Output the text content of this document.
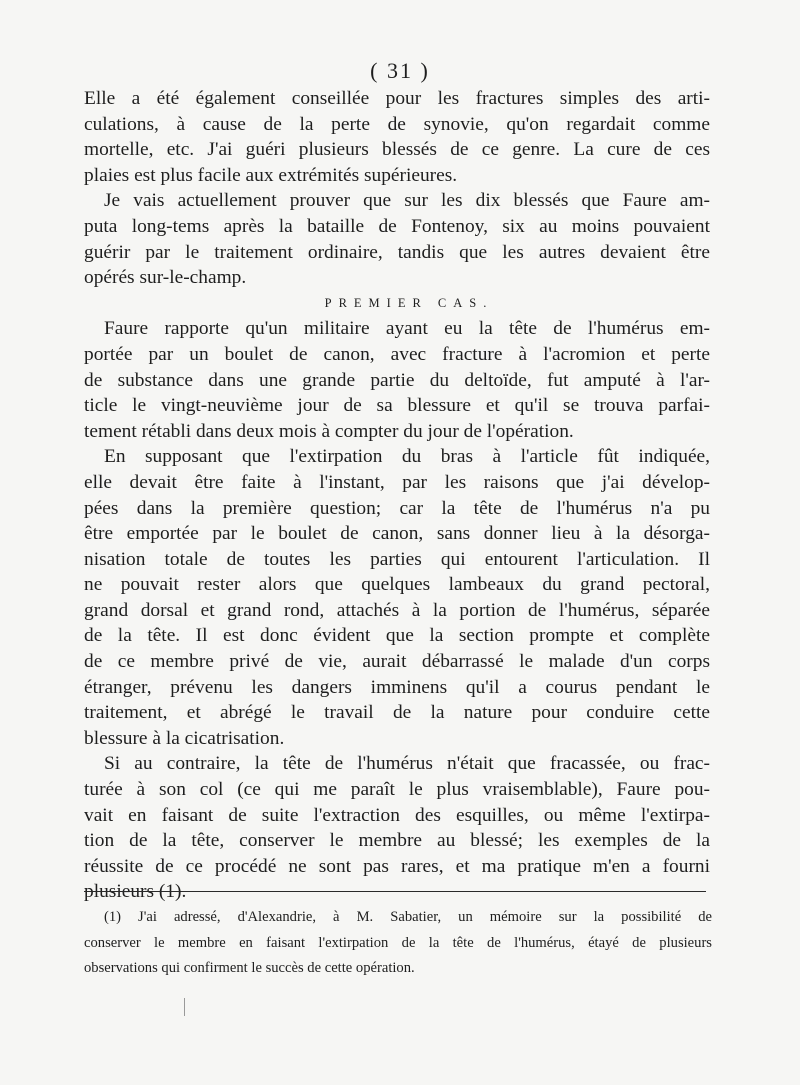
( 31 )
Elle a été également conseillée pour les fractures simples des arti-
culations, à cause de la perte de synovie, qu'on regardait comme
mortelle, etc. J'ai guéri plusieurs blessés de ce genre. La cure de ces
plaies est plus facile aux extrémités supérieures.
Je vais actuellement prouver que sur les dix blessés que Faure am-
puta long-tems après la bataille de Fontenoy, six au moins pouvaient
guérir par le traitement ordinaire, tandis que les autres devaient être
opérés sur-le-champ.
PREMIER CAS.
Faure rapporte qu'un militaire ayant eu la tête de l'humérus em-
portée par un boulet de canon, avec fracture à l'acromion et perte
de substance dans une grande partie du deltoïde, fut amputé à l'ar-
ticle le vingt-neuvième jour de sa blessure et qu'il se trouva parfai-
tement rétabli dans deux mois à compter du jour de l'opération.
En supposant que l'extirpation du bras à l'article fût indiquée,
elle devait être faite à l'instant, par les raisons que j'ai dévelop-
pées dans la première question; car la tête de l'humérus n'a pu
être emportée par le boulet de canon, sans donner lieu à la désorga-
nisation totale de toutes les parties qui entourent l'articulation. Il
ne pouvait rester alors que quelques lambeaux du grand pectoral,
grand dorsal et grand rond, attachés à la portion de l'humérus, séparée
de la tête. Il est donc évident que la section prompte et complète
de ce membre privé de vie, aurait débarrassé le malade d'un corps
étranger, prévenu les dangers imminens qu'il a courus pendant le
traitement, et abrégé le travail de la nature pour conduire cette
blessure à la cicatrisation.
Si au contraire, la tête de l'humérus n'était que fracassée, ou frac-
turée à son col (ce qui me paraît le plus vraisemblable), Faure pou-
vait en faisant de suite l'extraction des esquilles, ou même l'extirpa-
tion de la tête, conserver le membre au blessé; les exemples de la
réussite de ce procédé ne sont pas rares, et ma pratique m'en a fourni
plusieurs (1).
(1) J'ai adressé, d'Alexandrie, à M. Sabatier, un mémoire sur la possibilité de
conserver le membre en faisant l'extirpation de la tête de l'humérus, étayé de plusieurs
observations qui confirment le succès de cette opération.
